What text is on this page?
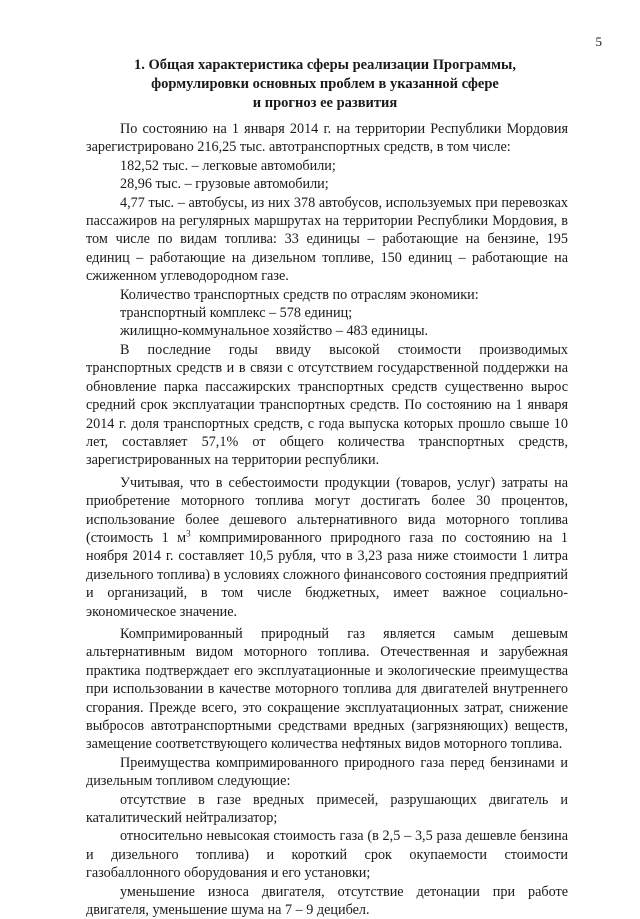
5
1. Общая характеристика сферы реализации Программы,
формулировки основных проблем в указанной сфере
и прогноз ее развития

По состоянию на 1 января 2014 г. на территории Республики Мордовия зарегистрировано 216,25 тыс. автотранспортных средств, в том числе:

182,52 тыс. – легковые автомобили;

28,96 тыс. – грузовые автомобили;

4,77 тыс. – автобусы, из них 378 автобусов, используемых при перевозках пассажиров на регулярных маршрутах на территории Республики Мордовия, в том числе по видам топлива: 33 единицы – работающие на бензине, 195 единиц – работающие на дизельном топливе, 150 единиц – работающие на сжиженном углеводородном газе.

Количество транспортных средств по отраслям экономики:

транспортный комплекс – 578 единиц;

жилищно-коммунальное хозяйство – 483 единицы.

В последние годы ввиду высокой стоимости производимых транспортных средств и в связи с отсутствием государственной поддержки на обновление парка пассажирских транспортных средств существенно вырос средний срок эксплуатации транспортных средств. По состоянию на 1 января 2014 г. доля транспортных средств, с года выпуска которых прошло свыше 10 лет, составляет 57,1% от общего количества транспортных средств, зарегистрированных на территории республики.

Учитывая, что в себестоимости продукции (товаров, услуг) затраты на приобретение моторного топлива могут достигать более 30 процентов, использование более дешевого альтернативного вида моторного топлива (стоимость 1 $м^3$ компримированного природного газа по состоянию на 1 ноября 2014 г. составляет 10,5 рубля, что в 3,23 раза ниже стоимости 1 литра дизельного топлива) в условиях сложного финансового состояния предприятий и организаций, в том числе бюджетных, имеет важное социально-экономическое значение.

Компримированный природный газ является самым дешевым альтернативным видом моторного топлива. Отечественная и зарубежная практика подтверждает его эксплуатационные и экологические преимущества при использовании в качестве моторного топлива для двигателей внутреннего сгорания. Прежде всего, это сокращение эксплуатационных затрат, снижение выбросов автотранспортными средствами вредных (загрязняющих) веществ, замещение соответствующего количества нефтяных видов моторного топлива.

Преимущества компримированного природного газа перед бензинами и дизельным топливом следующие:

отсутствие в газе вредных примесей, разрушающих двигатель и каталитический нейтрализатор;

относительно невысокая стоимость газа (в 2,5 – 3,5 раза дешевле бензина и дизельного топлива) и короткий срок окупаемости стоимости газобаллонного оборудования и его установки;

уменьшение износа двигателя, отсутствие детонации при работе двигателя, уменьшение шума на 7 – 9 децибел.
